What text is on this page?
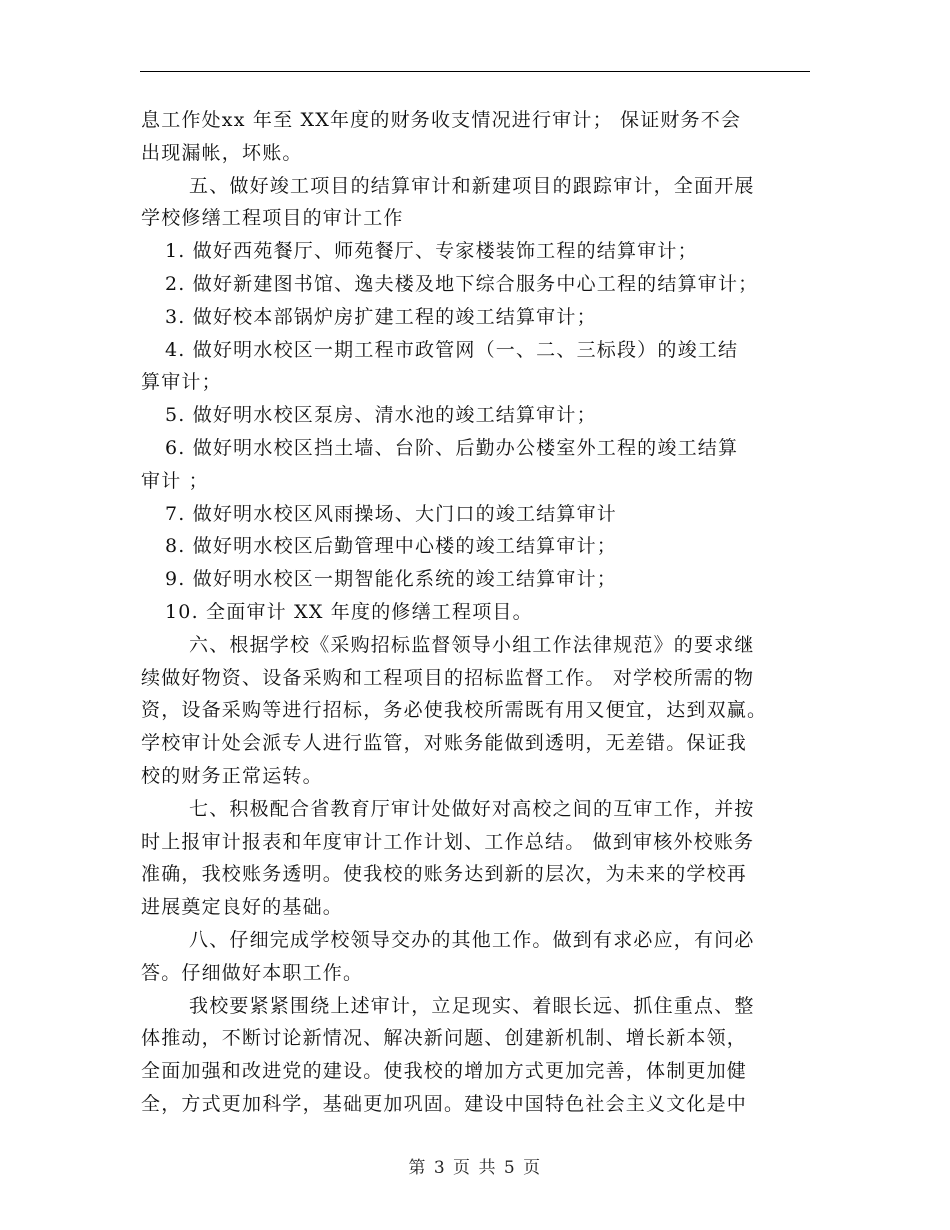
息工作处xx 年至 XX年度的财务收支情况进行审计； 保证财务不会
出现漏帐，坏账。
五、做好竣工项目的结算审计和新建项目的跟踪审计，全面开展
学校修缮工程项目的审计工作
1. 做好西苑餐厅、师苑餐厅、专家楼装饰工程的结算审计；
2. 做好新建图书馆、逸夫楼及地下综合服务中心工程的结算审计；
3. 做好校本部锅炉房扩建工程的竣工结算审计；
4. 做好明水校区一期工程市政管网（一、二、三标段）的竣工结
算审计；
5. 做好明水校区泵房、清水池的竣工结算审计；
6. 做好明水校区挡土墙、台阶、后勤办公楼室外工程的竣工结算
审计 ；
7. 做好明水校区风雨操场、大门口的竣工结算审计
8. 做好明水校区后勤管理中心楼的竣工结算审计；
9. 做好明水校区一期智能化系统的竣工结算审计；
10. 全面审计 XX 年度的修缮工程项目。
六、根据学校《采购招标监督领导小组工作法律规范》的要求继
续做好物资、设备采购和工程项目的招标监督工作。 对学校所需的物
资，设备采购等进行招标，务必使我校所需既有用又便宜，达到双赢。
学校审计处会派专人进行监管，对账务能做到透明，无差错。保证我
校的财务正常运转。
七、积极配合省教育厅审计处做好对高校之间的互审工作，并按
时上报审计报表和年度审计工作计划、工作总结。 做到审核外校账务
准确，我校账务透明。使我校的账务达到新的层次，为未来的学校再
进展奠定良好的基础。
八、仔细完成学校领导交办的其他工作。做到有求必应，有问必
答。仔细做好本职工作。
我校要紧紧围绕上述审计，立足现实、着眼长远、抓住重点、整
体推动，不断讨论新情况、解决新问题、创建新机制、增长新本领，
全面加强和改进党的建设。使我校的增加方式更加完善，体制更加健
全，方式更加科学，基础更加巩固。建设中国特色社会主义文化是中
第 3 页 共 5 页
